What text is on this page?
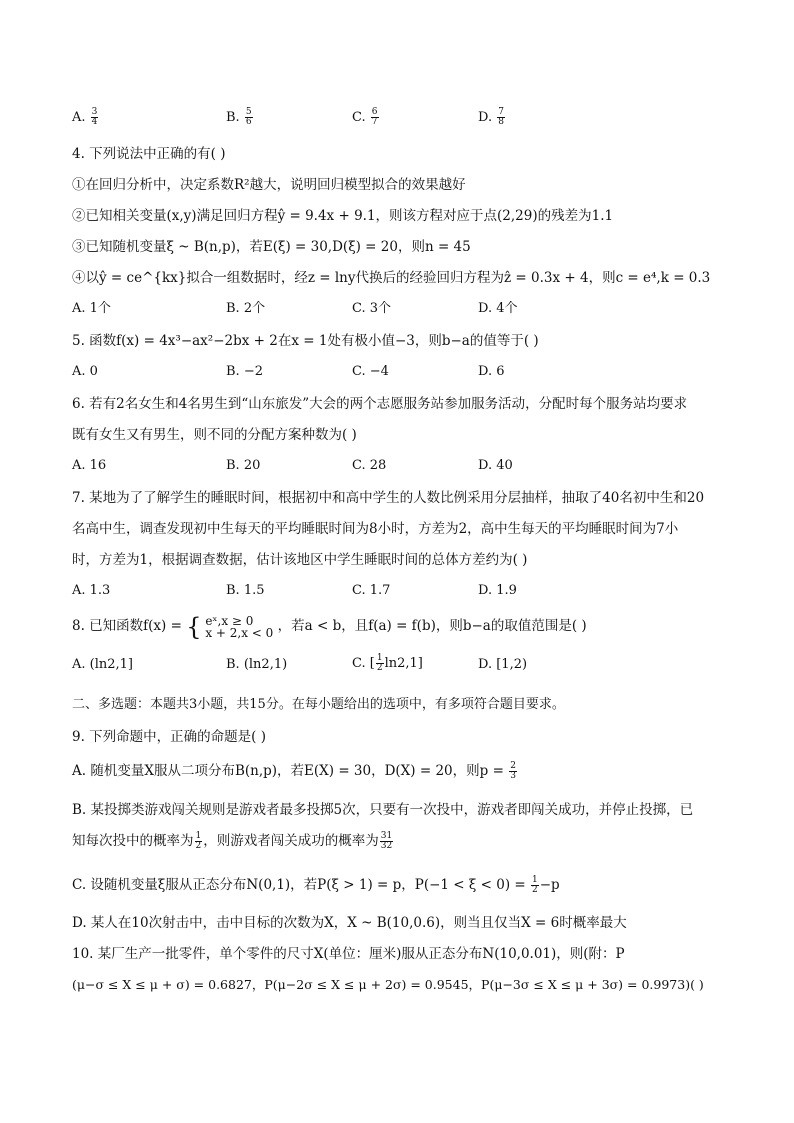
A. $\frac{3}{4}$	B. $\frac{5}{6}$	C. $\frac{6}{7}$	D. $\frac{7}{8}$
4. 下列说法中正确的有( )
①在回归分析中，决定系数R²越大，说明回归模型拟合的效果越好
②已知相关变量(x,y)满足回归方程ŷ = 9.4x + 9.1，则该方程对应于点(2,29)的残差为1.1
③已知随机变量ξ ~ B(n,p)，若E(ξ) = 30,D(ξ) = 20，则n = 45
④以ŷ = ce^{kx}拟合一组数据时，经z = lny代换后的经验回归方程为ẑ = 0.3x + 4，则c = e⁴,k = 0.3
A. 1个	B. 2个	C. 3个	D. 4个
5. 函数f(x) = 4x³−ax²−2bx + 2在x = 1处有极小值−3，则b−a的值等于( )
A. 0	B. −2	C. −4	D. 6
6. 若有2名女生和4名男生到“山东旅发”大会的两个志愿服务站参加服务活动，分配时每个服务站均要求
既有女生又有男生，则不同的分配方案种数为( )
A. 16	B. 20	C. 28	D. 40
7. 某地为了了解学生的睡眠时间，根据初中和高中学生的人数比例采用分层抽样，抽取了40名初中生和20
名高中生，调查发现初中生每天的平均睡眠时间为8小时，方差为2，高中生每天的平均睡眠时间为7小
时，方差为1，根据调查数据，估计该地区中学生睡眠时间的总体方差约为( )
A. 1.3	B. 1.5	C. 1.7	D. 1.9
8. 已知函数f(x) = { eˣ,x ≥ 0
x + 2,x < 0 ，若a < b，且f(a) = f(b)，则b−a的取值范围是( )
A. (ln2,1]	B. (ln2,1)	C. [ $\frac{1}{2} \ln 2,1$]	D. [1,2)
二、多选题：本题共3小题，共15分。在每小题给出的选项中，有多项符合题目要求。
9. 下列命题中，正确的命题是( )
A. 随机变量X服从二项分布B(n,p)，若E(X) = 30，D(X) = 20，则$p = \frac{2}{3}$
B. 某投掷类游戏闯关规则是游戏者最多投掷5次，只要有一次投中，游戏者即闯关成功，并停止投掷，已
知每次投中的概率为 $\frac{1}{2}$ ，则游戏者闯关成功的概率为 $\frac{31}{32}$
C. 设随机变量ξ服从正态分布N(0,1)，若P(ξ > 1) = p，$P(-1 < \xi < 0) = \frac{1}{2} -p$
D. 某人在10次射击中，击中目标的次数为X，X ~ B(10,0.6)，则当且仅当X = 6时概率最大
10. 某厂生产一批零件，单个零件的尺寸X(单位：厘米)服从正态分布N(10,0.01)，则(附：P
(μ−σ ≤ X ≤ μ + σ) = 0.6827，P(μ−2σ ≤ X ≤ μ + 2σ) = 0.9545，P(μ−3σ ≤ X ≤ μ + 3σ) = 0.9973)( )
